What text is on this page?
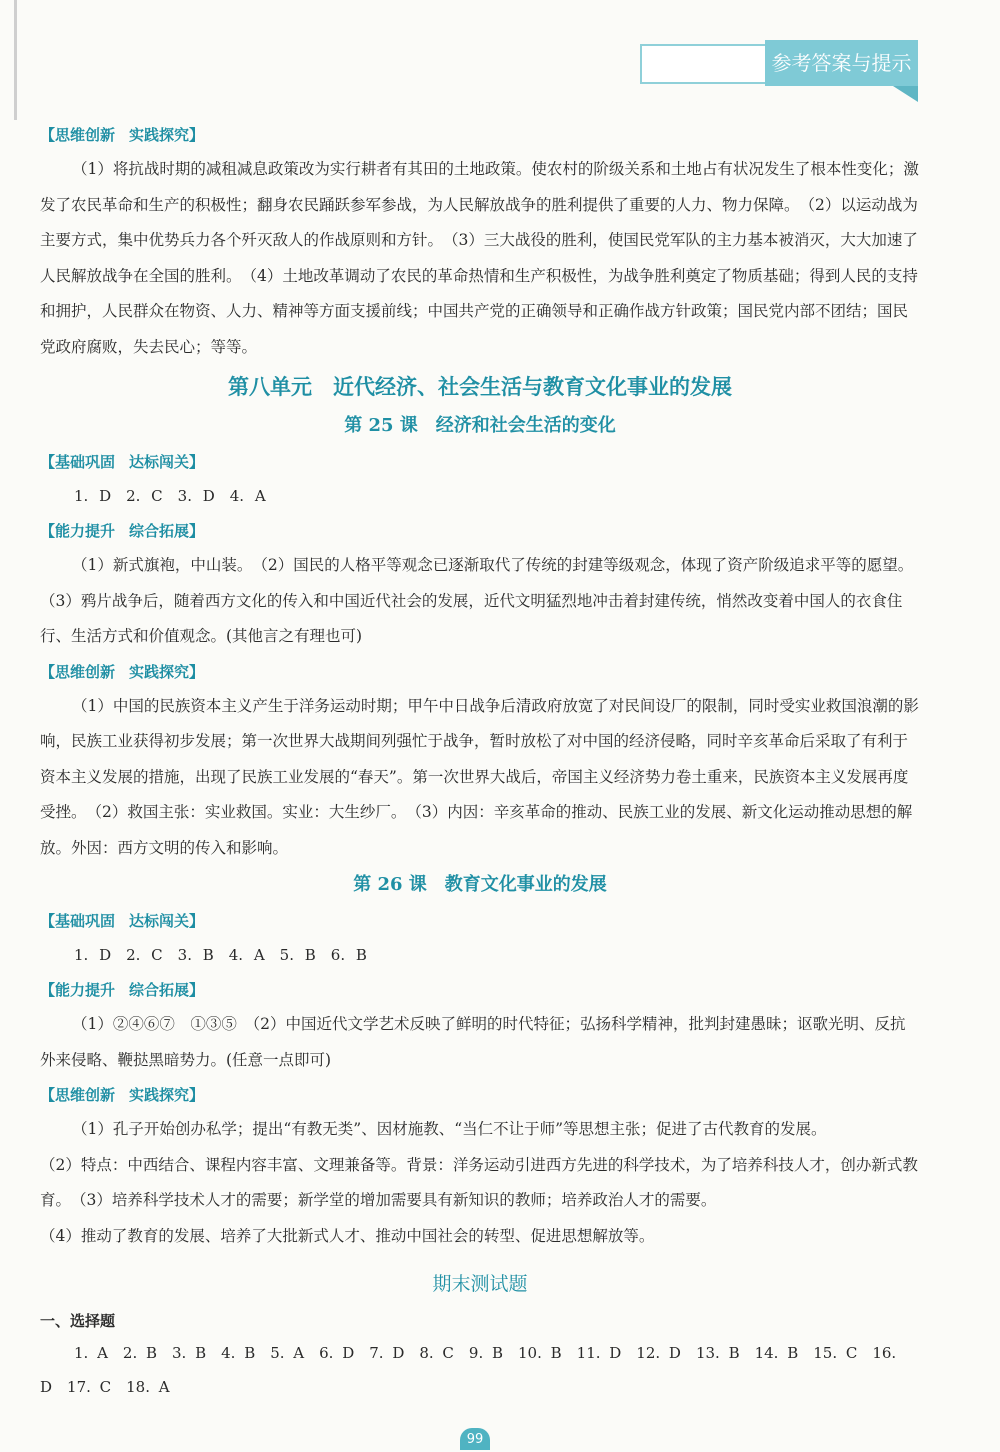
参考答案与提示
【思维创新 实践探究】

（1）将抗战时期的减租减息政策改为实行耕者有其田的土地政策。使农村的阶级关系和土地占有状况发生了根本性变化；激发了农民革命和生产的积极性；翻身农民踊跃参军参战，为人民解放战争的胜利提供了重要的人力、物力保障。　（2）以运动战为主要方式，集中优势兵力各个歼灭敌人的作战原则和方针。　（3）三大战役的胜利，使国民党军队的主力基本被消灭，大大加速了人民解放战争在全国的胜利。　（4）土地改革调动了农民的革命热情和生产积极性，为战争胜利奠定了物质基础；得到人民的支持和拥护，人民群众在物资、人力、精神等方面支援前线；中国共产党的正确领导和正确作战方针政策；国民党内部不团结；国民党政府腐败，失去民心；等等。

第八单元　近代经济、社会生活与教育文化事业的发展
第 25 课　经济和社会生活的变化
【基础巩固 达标闯关】
1. D　2. C　3. D　4. A
【能力提升 综合拓展】

（1）新式旗袍，中山装。　（2）国民的人格平等观念已逐渐取代了传统的封建等级观念，体现了资产阶级追求平等的愿望。　（3）鸦片战争后，随着西方文化的传入和中国近代社会的发展，近代文明猛烈地冲击着封建传统，悄然改变着中国人的衣食住行、生活方式和价值观念。(其他言之有理也可)

【思维创新 实践探究】

（1）中国的民族资本主义产生于洋务运动时期；甲午中日战争后清政府放宽了对民间设厂的限制，同时受实业救国浪潮的影响，民族工业获得初步发展；第一次世界大战期间列强忙于战争，暂时放松了对中国的经济侵略，同时辛亥革命后采取了有利于资本主义发展的措施，出现了民族工业发展的“春天”。第一次世界大战后，帝国主义经济势力卷土重来，民族资本主义发展再度受挫。　（2）救国主张：实业救国。实业：大生纱厂。　（3）内因：辛亥革命的推动、民族工业的发展、新文化运动推动思想的解放。外因：西方文明的传入和影响。

第 26 课　教育文化事业的发展
【基础巩固 达标闯关】
1. D　2. C　3. B　4. A　5. B　6. B
【能力提升 综合拓展】

（1）②④⑥⑦　①③⑤　（2）中国近代文学艺术反映了鲜明的时代特征；弘扬科学精神，批判封建愚昧；讴歌光明、反抗外来侵略、鞭挞黑暗势力。(任意一点即可)

【思维创新 实践探究】

（1）孔子开始创办私学；提出“有教无类”、因材施教、“当仁不让于师”等思想主张；促进了古代教育的发展。

（2）特点：中西结合、课程内容丰富、文理兼备等。背景：洋务运动引进西方先进的科学技术，为了培养科技人才，创办新式教育。　（3）培养科学技术人才的需要；新学堂的增加需要具有新知识的教师；培养政治人才的需要。

（4）推动了教育的发展、培养了大批新式人才、推动中国社会的转型、促进思想解放等。

期末测试题
一、选择题
1. A　2. B　3. B　4. B　5. A　6. D　7. D　8. C　9. B　10. B　11. D　12. D　13. B　14. B　15. C　16.
D　17. C　18. A
99
